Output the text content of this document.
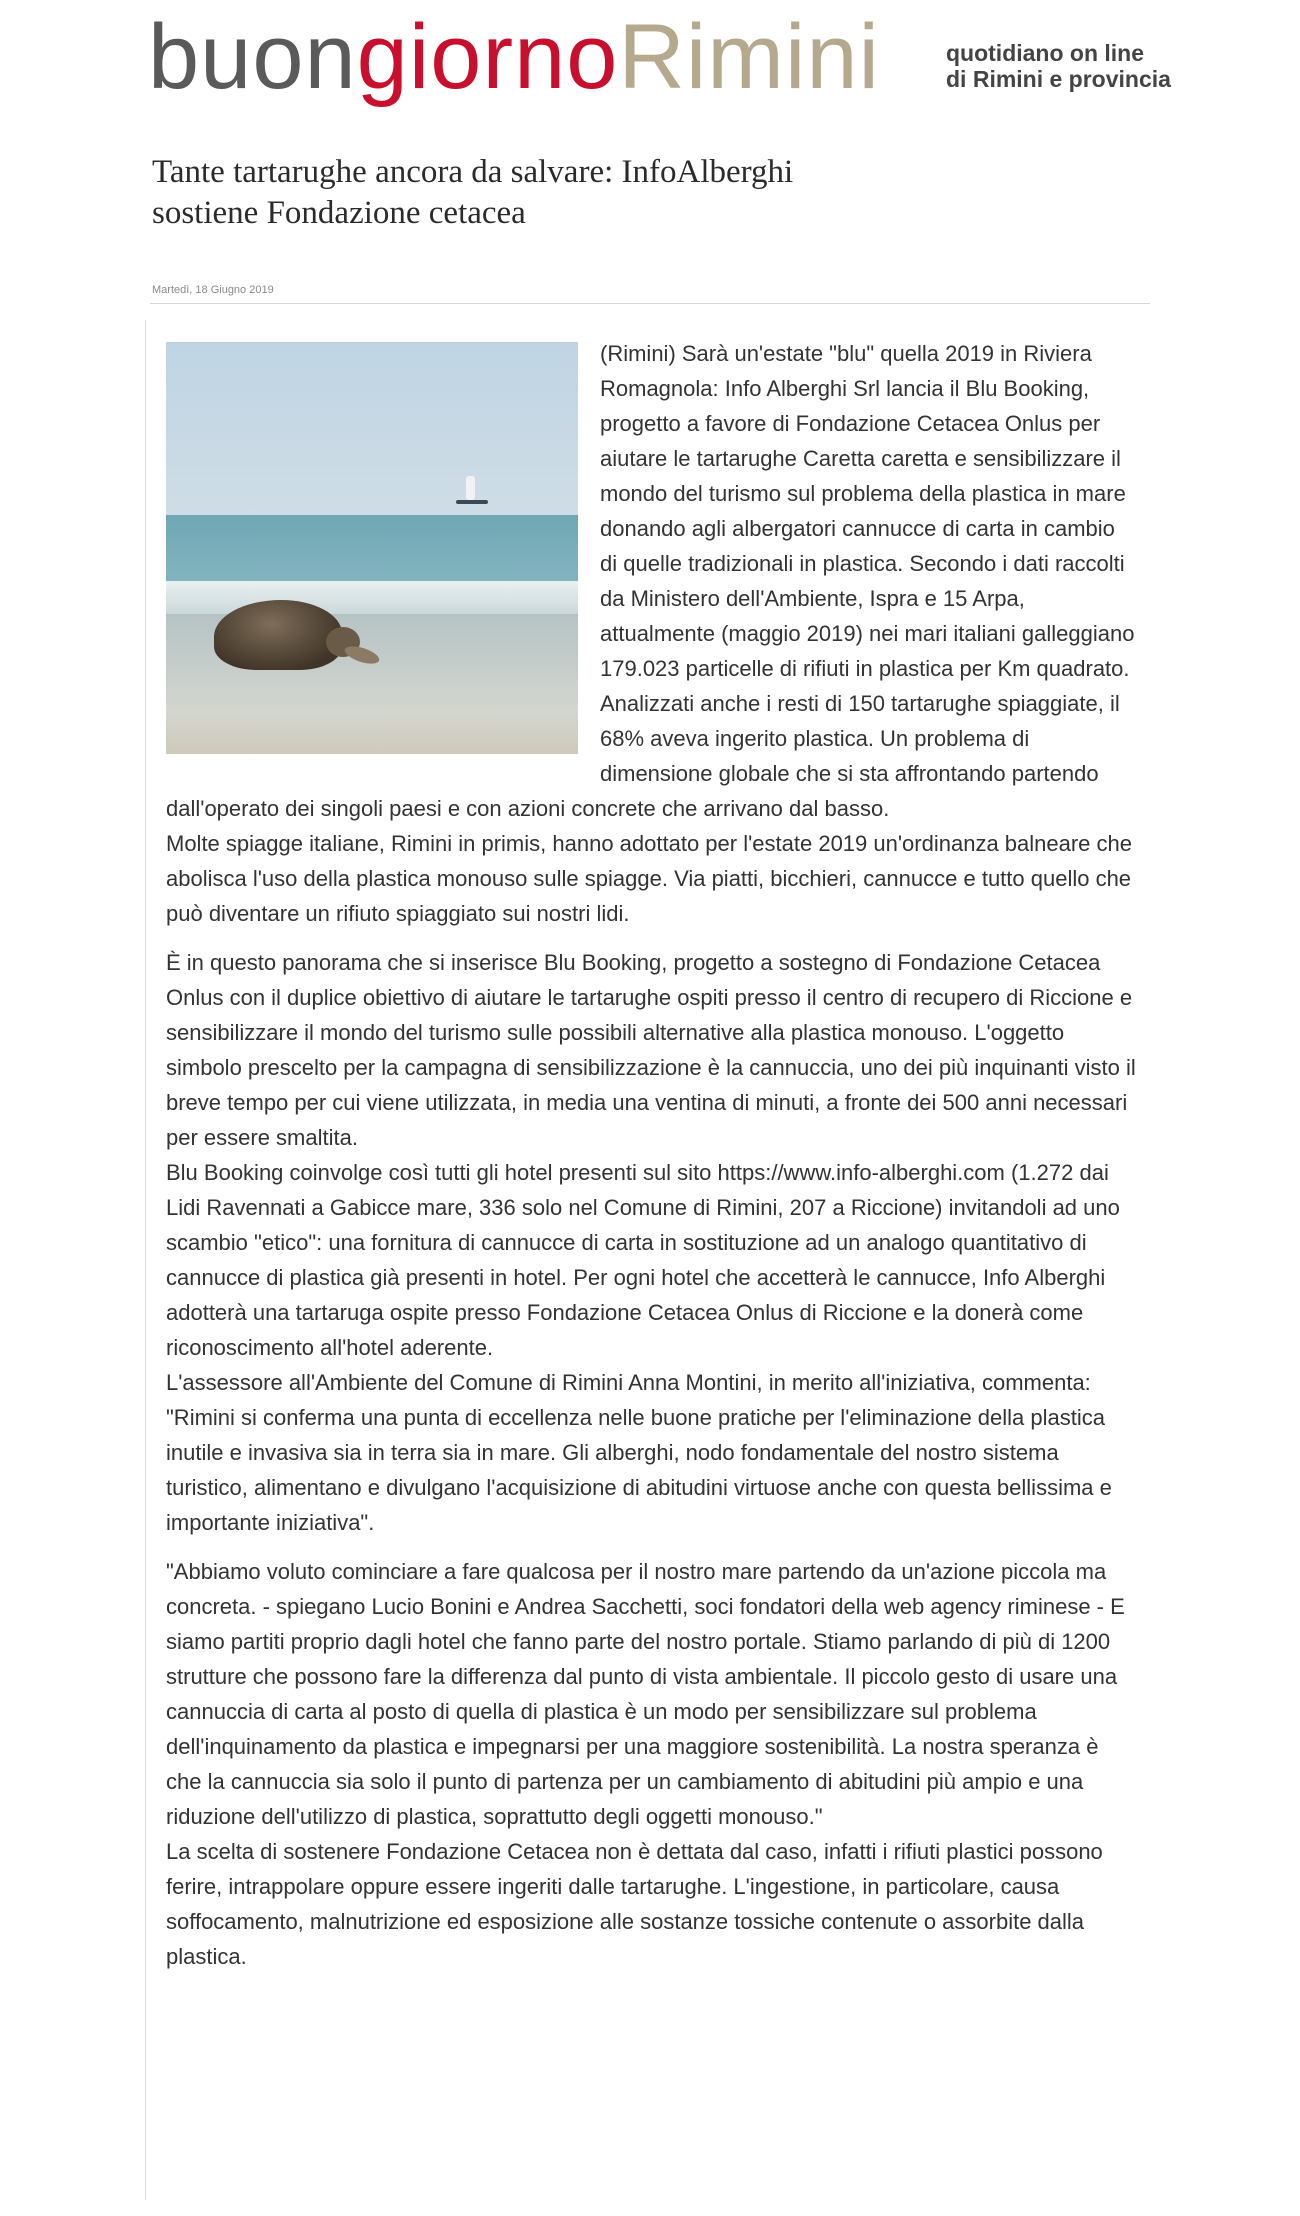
buongiornoRimini	quotidiano on line
di Rimini e provincia
Tante tartarughe ancora da salvare: InfoAlberghi sostiene Fondazione cetacea
Martedì, 18 Giugno 2019

(Rimini) Sarà un'estate "blu" quella 2019 in Riviera Romagnola: Info Alberghi Srl lancia il Blu Booking, progetto a favore di Fondazione Cetacea Onlus per aiutare le tartarughe Caretta caretta e sensibilizzare il mondo del turismo sul problema della plastica in mare donando agli albergatori cannucce di carta in cambio di quelle tradizionali in plastica. Secondo i dati raccolti da Ministero dell'Ambiente, Ispra e 15 Arpa, attualmente (maggio 2019) nei mari italiani galleggiano 179.023 particelle di rifiuti in plastica per Km quadrato. Analizzati anche i resti di 150 tartarughe spiaggiate, il 68% aveva ingerito plastica. Un problema di dimensione globale che si sta affrontando partendo dall'operato dei singoli paesi e con azioni concrete che arrivano dal basso.

Molte spiagge italiane, Rimini in primis, hanno adottato per l'estate 2019 un'ordinanza balneare che abolisca l'uso della plastica monouso sulle spiagge. Via piatti, bicchieri, cannucce e tutto quello che può diventare un rifiuto spiaggiato sui nostri lidi.

È in questo panorama che si inserisce Blu Booking, progetto a sostegno di Fondazione Cetacea Onlus con il duplice obiettivo di aiutare le tartarughe ospiti presso il centro di recupero di Riccione e sensibilizzare il mondo del turismo sulle possibili alternative alla plastica monouso. L'oggetto simbolo prescelto per la campagna di sensibilizzazione è la cannuccia, uno dei più inquinanti visto il breve tempo per cui viene utilizzata, in media una ventina di minuti, a fronte dei 500 anni necessari per essere smaltita.

Blu Booking coinvolge così tutti gli hotel presenti sul sito https://www.info-alberghi.com (1.272 dai Lidi Ravennati a Gabicce mare, 336 solo nel Comune di Rimini, 207 a Riccione) invitandoli ad uno scambio "etico": una fornitura di cannucce di carta in sostituzione ad un analogo quantitativo di cannucce di plastica già presenti in hotel. Per ogni hotel che accetterà le cannucce, Info Alberghi adotterà una tartaruga ospite presso Fondazione Cetacea Onlus di Riccione e la donerà come riconoscimento all'hotel aderente.

L'assessore all'Ambiente del Comune di Rimini Anna Montini, in merito all'iniziativa, commenta: "Rimini si conferma una punta di eccellenza nelle buone pratiche per l'eliminazione della plastica inutile e invasiva sia in terra sia in mare. Gli alberghi, nodo fondamentale del nostro sistema turistico, alimentano e divulgano l'acquisizione di abitudini virtuose anche con questa bellissima e importante iniziativa".

"Abbiamo voluto cominciare a fare qualcosa per il nostro mare partendo da un'azione piccola ma concreta. - spiegano Lucio Bonini e Andrea Sacchetti, soci fondatori della web agency riminese - E siamo partiti proprio dagli hotel che fanno parte del nostro portale. Stiamo parlando di più di 1200 strutture che possono fare la differenza dal punto di vista ambientale. Il piccolo gesto di usare una cannuccia di carta al posto di quella di plastica è un modo per sensibilizzare sul problema dell'inquinamento da plastica e impegnarsi per una maggiore sostenibilità. La nostra speranza è che la cannuccia sia solo il punto di partenza per un cambiamento di abitudini più ampio e una riduzione dell'utilizzo di plastica, soprattutto degli oggetti monouso."

La scelta di sostenere Fondazione Cetacea non è dettata dal caso, infatti i rifiuti plastici possono ferire, intrappolare oppure essere ingeriti dalle tartarughe. L'ingestione, in particolare, causa soffocamento, malnutrizione ed esposizione alle sostanze tossiche contenute o assorbite dalla plastica.
